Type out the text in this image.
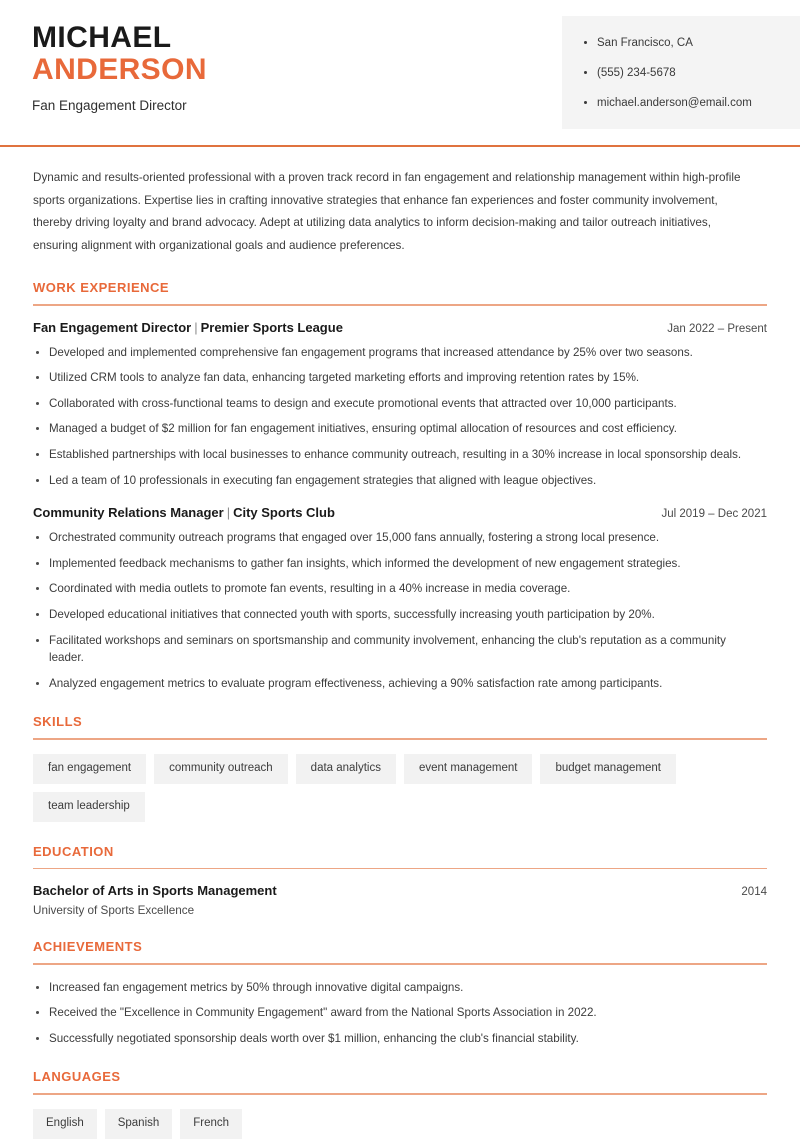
MICHAEL
ANDERSON
Fan Engagement Director
San Francisco, CA
(555) 234-5678
michael.anderson@email.com

Dynamic and results-oriented professional with a proven track record in fan engagement and relationship management within high-profile sports organizations. Expertise lies in crafting innovative strategies that enhance fan experiences and foster community involvement, thereby driving loyalty and brand advocacy. Adept at utilizing data analytics to inform decision-making and tailor outreach initiatives, ensuring alignment with organizational goals and audience preferences.

WORK EXPERIENCE
Fan Engagement Director | Premier Sports League	Jan 2022 – Present
Developed and implemented comprehensive fan engagement programs that increased attendance by 25% over two seasons.
Utilized CRM tools to analyze fan data, enhancing targeted marketing efforts and improving retention rates by 15%.
Collaborated with cross-functional teams to design and execute promotional events that attracted over 10,000 participants.
Managed a budget of $2 million for fan engagement initiatives, ensuring optimal allocation of resources and cost efficiency.
Established partnerships with local businesses to enhance community outreach, resulting in a 30% increase in local sponsorship deals.
Led a team of 10 professionals in executing fan engagement strategies that aligned with league objectives.
Community Relations Manager | City Sports Club	Jul 2019 – Dec 2021
Orchestrated community outreach programs that engaged over 15,000 fans annually, fostering a strong local presence.
Implemented feedback mechanisms to gather fan insights, which informed the development of new engagement strategies.
Coordinated with media outlets to promote fan events, resulting in a 40% increase in media coverage.
Developed educational initiatives that connected youth with sports, successfully increasing youth participation by 20%.
Facilitated workshops and seminars on sportsmanship and community involvement, enhancing the club's reputation as a community leader.
Analyzed engagement metrics to evaluate program effectiveness, achieving a 90% satisfaction rate among participants.
SKILLS
fan engagement	community outreach	data analytics	event management	budget management
team leadership
EDUCATION
Bachelor of Arts in Sports Management	2014
University of Sports Excellence
ACHIEVEMENTS
Increased fan engagement metrics by 50% through innovative digital campaigns.
Received the "Excellence in Community Engagement" award from the National Sports Association in 2022.
Successfully negotiated sponsorship deals worth over $1 million, enhancing the club's financial stability.
LANGUAGES
English	Spanish	French
